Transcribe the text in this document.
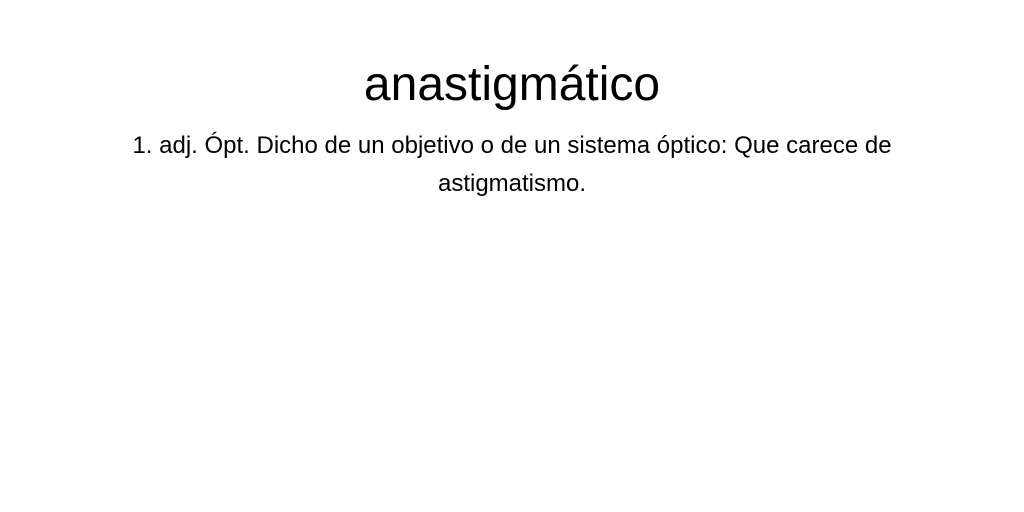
anastigmático

1. adj. Ópt. Dicho de un objetivo o de un sistema óptico: Que carece de astigmatismo.
